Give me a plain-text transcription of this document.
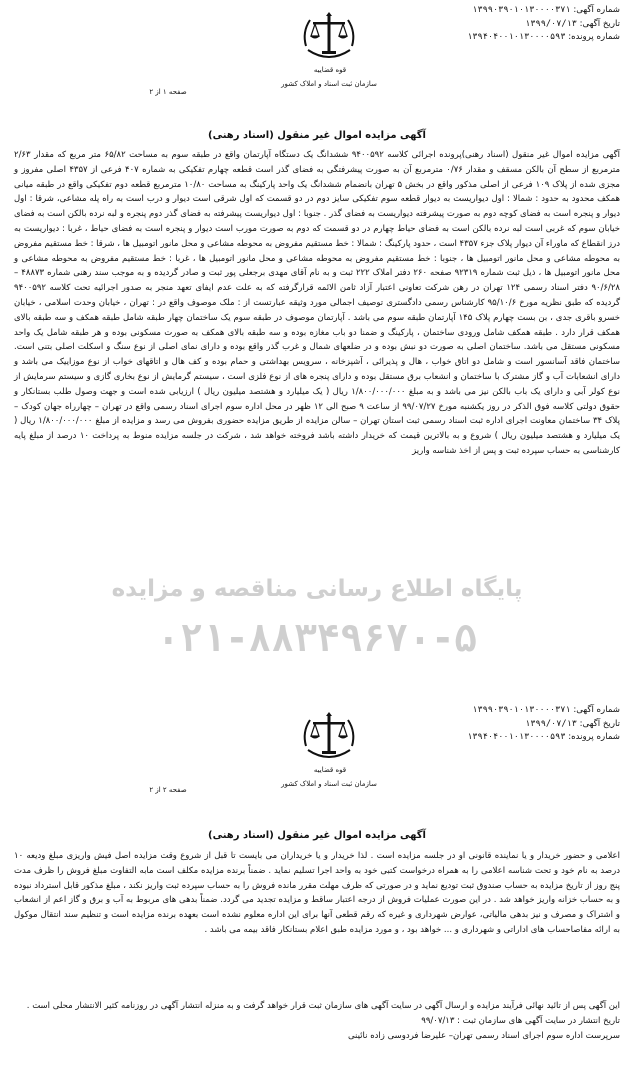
پایگاه اطلاع رسانی مناقصه و مزایده
۰۲۱-۸۸۳۴۹۶۷۰-۵
شماره آگهی: ۱۳۹۹۰۳۹۰۱۰۱۳۰۰۰۰۳۷۱
تاریخ آگهی: ۱۳۹۹/۰۷/۱۳
شماره پرونده: ۱۳۹۴۰۴۰۰۱۰۱۳۰۰۰۰۵۹۳
قوه قضاییه
سازمان ثبت اسناد و املاک کشور
صفحه ۱ از ۲
آگهی مزایده اموال غیر منقول (اسناد رهنی)
آگهی مزایده اموال غیر منقول (اسناد رهنی)پرونده اجرائی کلاسه ۹۴۰۰۵۹۲ ششدانگ یک دستگاه آپارتمان واقع در طبقه سوم به مساحت ۶۵/۸۲ متر مربع که مقدار ۲/۶۳ مترمربع از سطح آن بالکن مسقف و مقدار ۰/۷۶ مترمربع آن به صورت پیشرفتگی به فضای گذر است قطعه چهارم تفکیکی به شماره ۴۰۷ فرعی از ۴۳۵۷ اصلی مفروز و مجزی شده از پلاک ۱۰۹ فرعی از اصلی مذکور واقع در بخش ۵ تهران بانضمام ششدانگ یک واحد پارکینگ به مساحت ۱۰/۸۰ مترمربع قطعه دوم تفکیکی واقع در طبقه میانی همکف محدود به حدود : شمالا : اول دیواریست به دیوار قطعه سوم تفکیکی سایز دوم در دو قسمت که اول شرقی است دیوار و درب است به راه پله مشاعی، شرقا : اول دیوار و پنجره است به فضای کوچه دوم به صورت پیشرفته دیواریست به فضای گذر . جنوبا : اول دیواریست پیشرفته به فضای گذر دوم پنجره و لبه نرده بالکن است به فضای خیابان سوم که غربی است لبه نرده بالکن است به فضای حیاط چهارم در دو قسمت که دوم به صورت مورب است دیوار و پنجره است به فضای حیاط ، غربا : دیواریست به درز انقطاع که ماوراء آن دیوار پلاک جزء ۴۳۵۷ است ، حدود پارکینگ : شمالا : خط مستقیم مفروض به محوطه مشاعی و محل مانور اتومبیل ها ، شرقا : خط مستقیم مفروض به محوطه مشاعی و محل مانور اتومبیل ها ، جنوبا : خط مستقیم مفروض به محوطه مشاعی و محل مانور اتومبیل ها ، غربا : خط مستقیم مفروض به محوطه مشاعی و محل مانور اتومبیل ها ، ذیل ثبت شماره ۹۲۳۱۹ صفحه ۲۶۰ دفتر املاک ۲۲۲ ثبت و به نام آقای مهدی برجعلی پور ثبت و صادر گردیده و به موجب سند رهنی شماره ۴۸۸۷۳ – ۹۰/۶/۲۸ دفتر اسناد رسمی ۱۲۴ تهران در رهن شرکت تعاونی اعتبار آزاد ثامن الائمه قرارگرفته که به علت عدم ایفای تعهد منجر به صدور اجرائیه تحت کلاسه ۹۴۰۰۵۹۲ گردیده که طبق نظریه مورخ ۹۵/۱۰/۶ کارشناس رسمی دادگستری توصیف اجمالی مورد وثیقه عبارتست از : ملک موصوف واقع در : تهران ، خیابان وحدت اسلامی ، خیابان خسرو باقری جدی ، بن بست چهارم پلاک ۱۴۵ آپارتمان طبقه سوم می باشد . آپارتمان موصوف در طبقه سوم یک ساختمان چهار طبقه شامل طبقه همکف و سه طبقه بالای همکف قرار دارد . طبقه همکف شامل ورودی ساختمان ، پارکینگ و ضمنا دو باب مغازه بوده و سه طبقه بالای همکف به صورت مسکونی بوده و هر طبقه شامل یک واحد مسکونی مستقل می باشد. ساختمان اصلی به صورت دو نبش بوده و در ضلعهای شمال و غرب گذر واقع بوده و دارای نمای اصلی از نوع سنگ و اسکلت اصلی بتنی است. ساختمان فاقد آسانسور است و شامل دو اتاق خواب ، هال و پذیرائی ، آشپزخانه ، سرویس بهداشتی و حمام بوده و کف هال و اتاقهای خواب از نوع موزاییک می باشد و دارای انشعابات آب و گاز مشترک با ساختمان و انشعاب برق مستقل بوده و دارای پنجره های از نوع فلزی است ، سیستم گرمایش از نوع بخاری گازی و سیستم سرمایش از نوع کولر آبی و دارای یک باب بالکن نیز می باشد و به مبلغ ۱/۸۰۰/۰۰۰/۰۰۰ ریال ( یک میلیارد و هشتصد میلیون ریال ) ارزیابی شده است و جهت وصول طلب بستانکار و حقوق دولتی کلاسه فوق الذکر در روز یکشنبه مورخ ۹۹/۰۷/۲۷ از ساعت ۹ صبح الی ۱۲ ظهر در محل اداره سوم اجرای اسناد رسمی واقع در تهران – چهارراه جهان کودک – پلاک ۳۴ ساختمان معاونت اجرای اداره ثبت اسناد رسمی ثبت استان تهران – سالن مزایده از طریق مزایده حضوری بفروش می رسد و مزایده از مبلغ ۱/۸۰۰/۰۰۰/۰۰۰ ریال ( یک میلیارد و هشتصد میلیون ریال ) شروع و به بالاترین قیمت که خریدار داشته باشد فروخته خواهد شد ، شرکت در جلسه مزایده منوط به پرداخت ۱۰ درصد از مبلغ پایه کارشناسی به حساب سپرده ثبت و پس از اخذ شناسه واریز
شماره آگهی: ۱۳۹۹۰۳۹۰۱۰۱۳۰۰۰۰۳۷۱
تاریخ آگهی: ۱۳۹۹/۰۷/۱۳
شماره پرونده: ۱۳۹۴۰۴۰۰۱۰۱۳۰۰۰۰۵۹۳
قوه قضاییه
سازمان ثبت اسناد و املاک کشور
صفحه ۲ از ۲
آگهی مزایده اموال غیر منقول (اسناد رهنی)
اعلامی و حضور خریدار و یا نماینده قانونی او در جلسه مزایده است . لذا خریدار و یا خریداران می بایست تا قبل از شروع وقت مزایده اصل فیش واریزی مبلغ ودیعه ۱۰ درصد به نام خود و تحت شناسه اعلامی را به همراه درخواست کتبی خود به واحد اجرا تسلیم نماید . ضمناً برنده مزایده مکلف است مابه التفاوت مبلغ فروش را ظرف مدت پنج روز از تاریخ مزایده به حساب صندوق ثبت تودیع نماید و در صورتی که ظرف مهلت مقرر مانده فروش را به حساب سپرده ثبت واریز نکند ، مبلغ مذکور قابل استرداد نبوده و به حساب خزانه واریز خواهد شد . در این صورت عملیات فروش از درجه اعتبار ساقط و مزایده تجدید می گردد. ضمناً بدهی های مربوط به آب و برق و گاز اعم از انشعاب و اشتراک و مصرف و نیز بدهی مالیاتی، عوارض شهرداری و غیره که رقم قطعی آنها برای این اداره معلوم نشده است بعهده برنده مزایده است و تنظیم سند انتقال موکول به ارائه مفاصاحساب های اداراتی و شهرداری و ... خواهد بود ، و مورد مزایده طبق اعلام بستانکار فاقد بیمه می باشد .
این آگهی پس از تائید نهائی فرآیند مزایده و ارسال آگهی در سایت آگهی های سازمان ثبت قرار خواهد گرفت و به منزله انتشار آگهی در روزنامه کثیر الانتشار محلی است .
تاریخ انتشار در سایت آگهی های سازمان ثبت : ۹۹/۰۷/۱۳
سرپرست اداره سوم اجرای اسناد رسمی تهران– علیرضا فردوسی زاده نائینی
